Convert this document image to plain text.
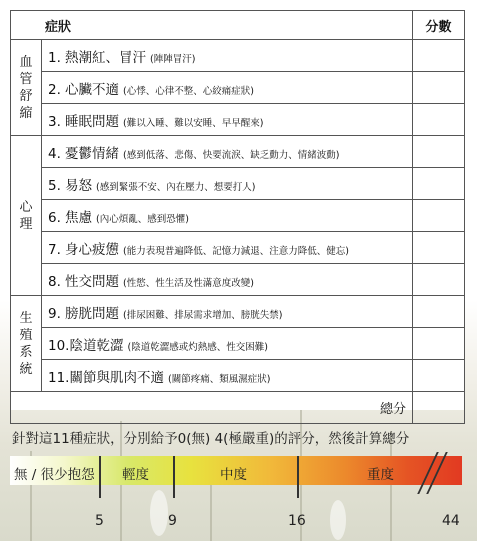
症狀		分數

血
管
舒
縮	1. 熱潮紅、冒汗 (陣陣冒汗)	
	2. 心臟不適 (心悸、心律不整、心絞痛症狀)	
	3. 睡眠問題 (難以入睡、難以安睡、早早醒來)	

心
理	4. 憂鬱情緒 (感到低落、悲傷、快要流淚、缺乏動力、情緒波動)	
	5. 易怒 (感到緊張不安、內在壓力、想要打人)	
	6. 焦慮 (內心煩亂、感到恐懼)	
	7. 身心疲憊 (能力表現普遍降低、記憶力減退、注意力降低、健忘)	
	8. 性交問題 (性慾、性生活及性滿意度改變)	

生
殖
系
統	9. 膀胱問題 (排尿困難、排尿需求增加、膀胱失禁)	
	10.陰道乾澀 (陰道乾澀感或灼熱感、性交困難)	
	11.關節與肌肉不適 (關節疼痛、類風濕症狀)	
總分		
針對這11種症狀，分別給予0(無) 4(極嚴重)的評分，然後計算總分
無 / 很少抱怨 輕度	中度	重度
5	9	16	44
